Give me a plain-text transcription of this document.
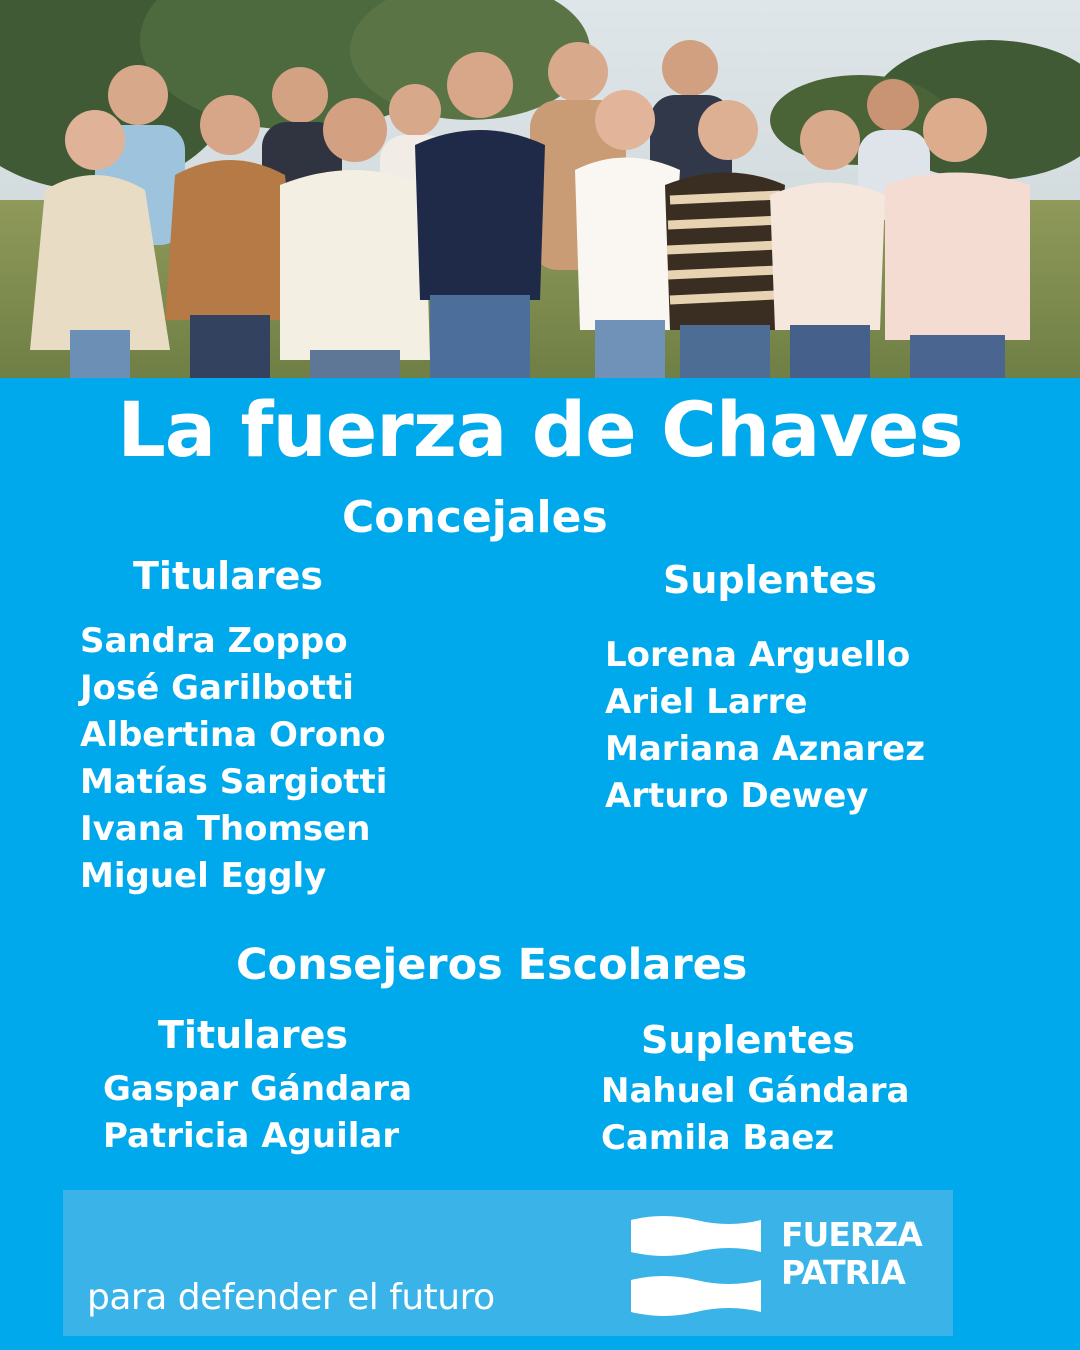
La fuerza de Chaves
Concejales
Titulares
Sandra Zoppo
José Garilbotti
Albertina Orono
Matías Sargiotti
Ivana Thomsen
Miguel Eggly
Suplentes
Lorena Arguello
Ariel Larre
Mariana Aznarez
Arturo Dewey
Consejeros Escolares
Titulares
Gaspar Gándara
Patricia Aguilar
Suplentes
Nahuel Gándara
Camila Baez
para defender el futuro
FUERZA
PATRIA
